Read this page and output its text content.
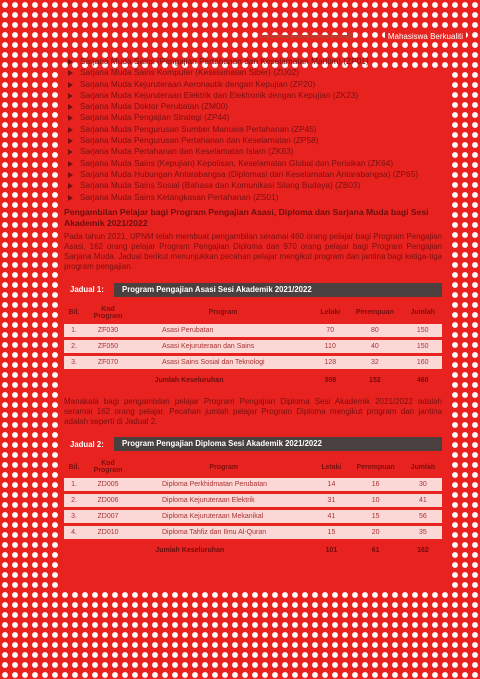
Mahasiswa Berkualiti
Sarjana Muda Sains (Pengajian Pertahanan dan Keselamatan Maritim) (ZP01)
Sarjana Muda Sains Komputer (Keselamatan Siber) (ZU02)
Sarjana Muda Kejuruteraan Aeronautik dengan Kepujian (ZP20)
Sarjana Muda Kejuruteraan Elektrik dan Elektronik dengan Kepujian (ZK23)
Sarjana Muda Doktor Perubatan (ZM00)
Sarjana Muda Pengajian Strategi (ZP44)
Sarjana Muda Pengurusan Sumber Manusia Pertahanan (ZP45)
Sarjana Muda Pengurusan Pertahanan dan Keselamatan (ZP58)
Sarjana Muda Pertahanan dan Keselamatan Islam (ZK63)
Sarjana Muda Sains (Kepujian) Kepolisan, Keselamatan Global dan Perisikan (ZK64)
Sarjana Muda Hubungan Antarabangsa (Diplomasi dan Keselamatan Antarabangsa) (ZP65)
Sarjana Muda Sains Sosial (Bahasa dan Komunikasi Silang Budaya) (ZB03)
Sarjana Muda Sains Ketangkasan Pertahanan (ZS01)
Pengambilan Pelajar bagi Program Pengajian Asasi, Diploma dan Sarjana Muda bagi Sesi Akademik 2021/2022
Pada tahun 2021, UPNM telah membuat pengambilan seramai 460 orang pelajar bagi Program Pengajian Asasi, 162 orang pelajar Program Pengajian Diploma dan 970 orang pelajar bagi Program Pengajian Sarjana Muda. Jadual berikut menunjukkan pecahan pelajar mengikut program dan jantina bagi ketiga-tiga program pengajian.
Jadual 1:	Program Pengajian Asasi Sesi Akademik 2021/2022
Bil.	Kod Program	Program	Lelaki	Perempuan	Jumlah
1.	ZF030	Asasi Perubatan	70	80	150
2.	ZF050	Asasi Kejuruteraan dan Sains	110	40	150
3.	ZF070	Asasi Sains Sosial dan Teknologi	128	32	160
Jumlah Keseluruhan			308	152	460
Manakala bagi pengambilan pelajar Program Pengajian Diploma Sesi Akademik 2021/2022 adalah seramai 162 orang pelajar. Pecahan jumlah pelajar Program Diploma mengikut program dan jantina adalah seperti di Jadual 2.
Jadual 2:	Program Pengajian Diploma Sesi Akademik 2021/2022
Bil.	Kod Program	Program	Lelaki	Perempuan	Jumlah
1.	ZD005	Diploma Perkhidmatan Perubatan	14	16	30
2.	ZD006	Diploma Kejuruteraan Elektrik	31	10	41
3.	ZD007	Diploma Kejuruteraan Mekanikal	41	15	56
4.	ZD010	Diploma Tahfiz dan Ilmu Al-Quran	15	20	35
Jumlah Keseluruhan			101	61	162
